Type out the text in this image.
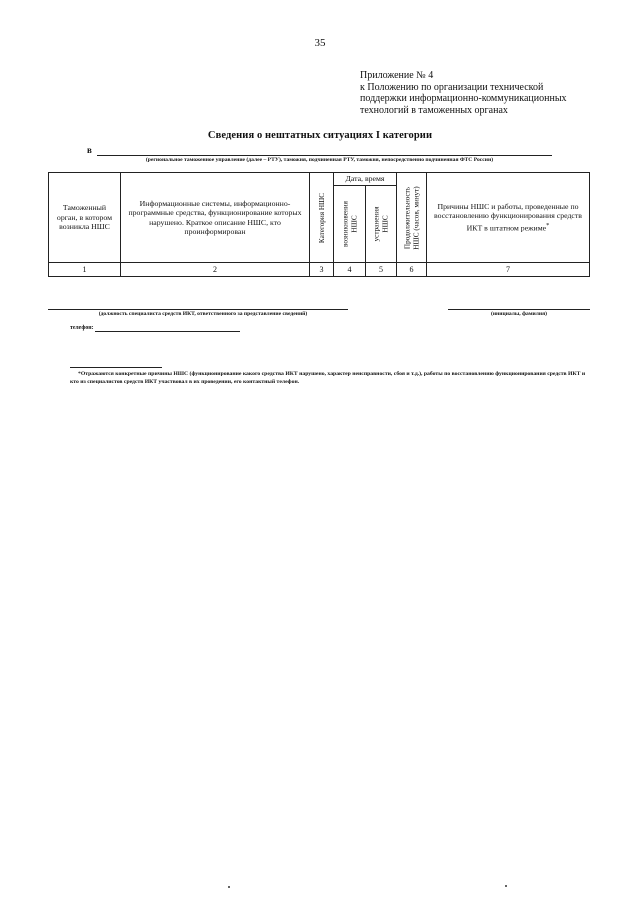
35
Приложение № 4
к Положению по организации технической
поддержки информационно-коммуникационных
технологий в таможенных органах
Сведения о нештатных ситуациях I категории
в
(региональное таможенное управление (далее – РТУ), таможня, подчиненная РТУ, таможня, непосредственно подчиненная ФТС России)
Таможенный орган, в котором возникла НШС	Информационные системы, информационно-программные средства, функционирование которых нарушено. Краткое описание НШС, кто проинформирован	Категория НШС	Дата, время		Продолжительность НШС (часов, минут)	Причины НШС и работы, проведенные по восстановлению функционирования средств ИКТ в штатном режиме*

			возникновения НШС	устранения НШС		

1	2	3	4	5	6	7
(должность специалиста средств ИКТ, ответственного за представление сведений)	(инициалы, фамилия)
телефон:
*Отражаются конкретные причины НШС (функционирование какого средства ИКТ нарушено, характер неисправности, сбоя и т.д.), работы по восстановлению функционирования средств ИКТ и кто из специалистов средств ИКТ участвовал в их проведении, его контактный телефон.
